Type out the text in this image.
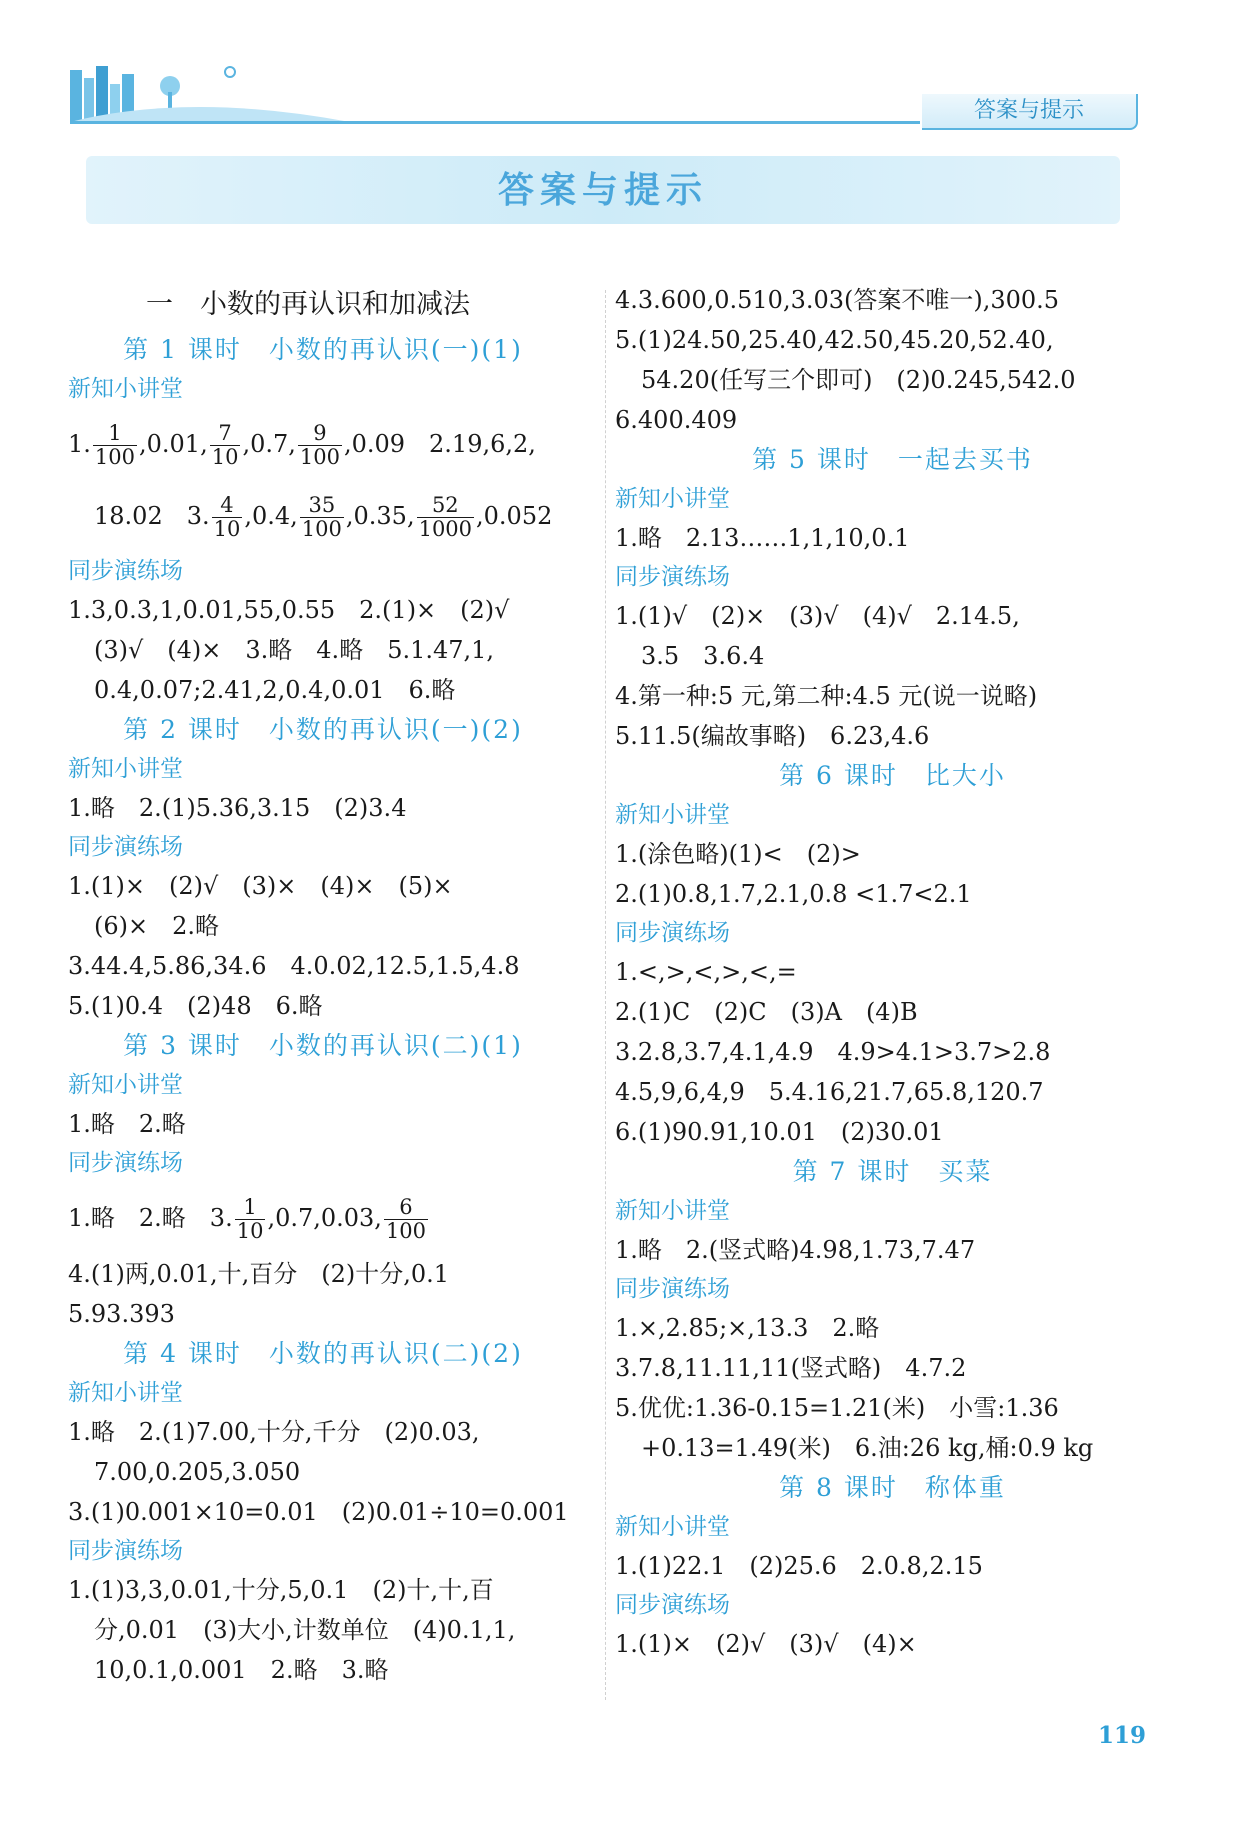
答案与提示
答案与提示
一　小数的再认识和加减法
第 1 课时　小数的再认识(一)(1)
新知小讲堂
1. $\frac{1}{100} ,0.01$, $\frac{7}{10} ,0.7$, $\frac{9}{100} ,0.09$　2.19,6,2,
18.02　3. $\frac{4}{10} ,0.4$, $\frac{35}{100} ,0.35$, $\frac{52}{1000} ,0.052$
同步演练场
1.3,0.3,1,0.01,55,0.55　2.(1)×　(2)√
(3)√　(4)×　3.略　4.略　5.1.47,1,
0.4,0.07;2.41,2,0.4,0.01　6.略
第 2 课时　小数的再认识(一)(2)
新知小讲堂
1.略　2.(1)5.36,3.15　(2)3.4
同步演练场
1.(1)×　(2)√　(3)×　(4)×　(5)×
(6)×　2.略
3.44.4,5.86,34.6　4.0.02,12.5,1.5,4.8
5.(1)0.4　(2)48　6.略
第 3 课时　小数的再认识(二)(1)
新知小讲堂
1.略　2.略
同步演练场
1.略　2.略　3. $\frac{1}{10} ,0.7,0.03$, $\frac{6}{100}$
4.(1)两,0.01,十,百分　(2)十分,0.1
5.93.393
第 4 课时　小数的再认识(二)(2)
新知小讲堂
1.略　2.(1)7.00,十分,千分　(2)0.03,
7.00,0.205,3.050
3.(1)0.001×10=0.01　(2)0.01÷10=0.001
同步演练场
1.(1)3,3,0.01,十分,5,0.1　(2)十,十,百
分,0.01　(3)大小,计数单位　(4)0.1,1,
10,0.1,0.001　2.略　3.略
4.3.600,0.510,3.03(答案不唯一),300.5
5.(1)24.50,25.40,42.50,45.20,52.40,
54.20(任写三个即可)　(2)0.245,542.0
6.400.409
第 5 课时　一起去买书
新知小讲堂
1.略　2.13……1,1,10,0.1
同步演练场
1.(1)√　(2)×　(3)√　(4)√　2.14.5,
3.5　3.6.4
4.第一种:5 元,第二种:4.5 元(说一说略)
5.11.5(编故事略)　6.23,4.6
第 6 课时　比大小
新知小讲堂
1.(涂色略)(1)<　(2)>
2.(1)0.8,1.7,2.1,0.8 <1.7<2.1
同步演练场
1.<,>,<,>,<,=
2.(1)C　(2)C　(3)A　(4)B
3.2.8,3.7,4.1,4.9　4.9>4.1>3.7>2.8
4.5,9,6,4,9　5.4.16,21.7,65.8,120.7
6.(1)90.91,10.01　(2)30.01
第 7 课时　买菜
新知小讲堂
1.略　2.(竖式略)4.98,1.73,7.47
同步演练场
1.×,2.85;×,13.3　2.略
3.7.8,11.11,11(竖式略)　4.7.2
5.优优:1.36-0.15=1.21(米)　小雪:1.36
+0.13=1.49(米)　6.油:26 kg,桶:0.9 kg
第 8 课时　称体重
新知小讲堂
1.(1)22.1　(2)25.6　2.0.8,2.15
同步演练场
1.(1)×　(2)√　(3)√　(4)×
119
